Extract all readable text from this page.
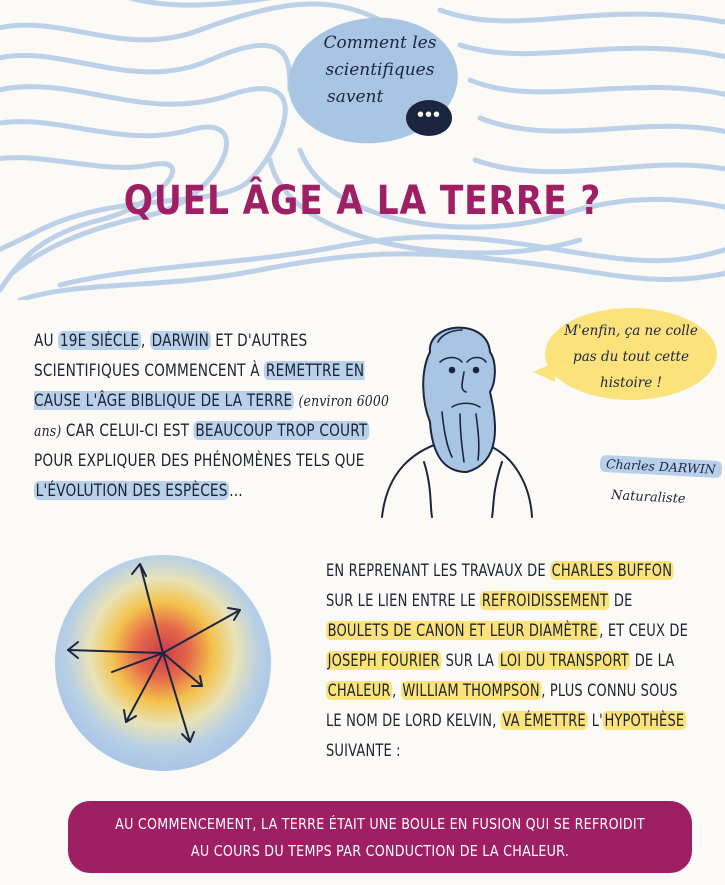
Comment les
scientifiques
savent
•••
QUEL ÂGE A LA TERRE ?
AU 19E SIÈCLE , DARWIN ET D'AUTRES SCIENTIFIQUES COMMENCENT À REMETTRE EN CAUSE L'ÂGE BIBLIQUE DE LA TERRE (environ 6000 ans) CAR CELUI-CI EST BEAUCOUP TROP COURT POUR EXPLIQUER DES PHÉNOMÈNES TELS QUE L'ÉVOLUTION DES ESPÈCES ...
M'enfin, ça ne colle
pas du tout cette
histoire !
Charles DARWIN
Naturaliste
EN REPRENANT LES TRAVAUX DE CHARLES BUFFON SUR LE LIEN ENTRE LE REFROIDISSEMENT DE BOULETS DE CANON ET LEUR DIAMÈTRE, ET CEUX DE JOSEPH FOURIER SUR LA LOI DU TRANSPORT DE LA CHALEUR, WILLIAM THOMPSON, PLUS CONNU SOUS LE NOM DE LORD KELVIN, VA ÉMETTRE L'HYPOTHÈSE SUIVANTE :
AU COMMENCEMENT, LA TERRE ÉTAIT UNE BOULE EN FUSION QUI SE REFROIDIT
AU COURS DU TEMPS PAR CONDUCTION DE LA CHALEUR.
